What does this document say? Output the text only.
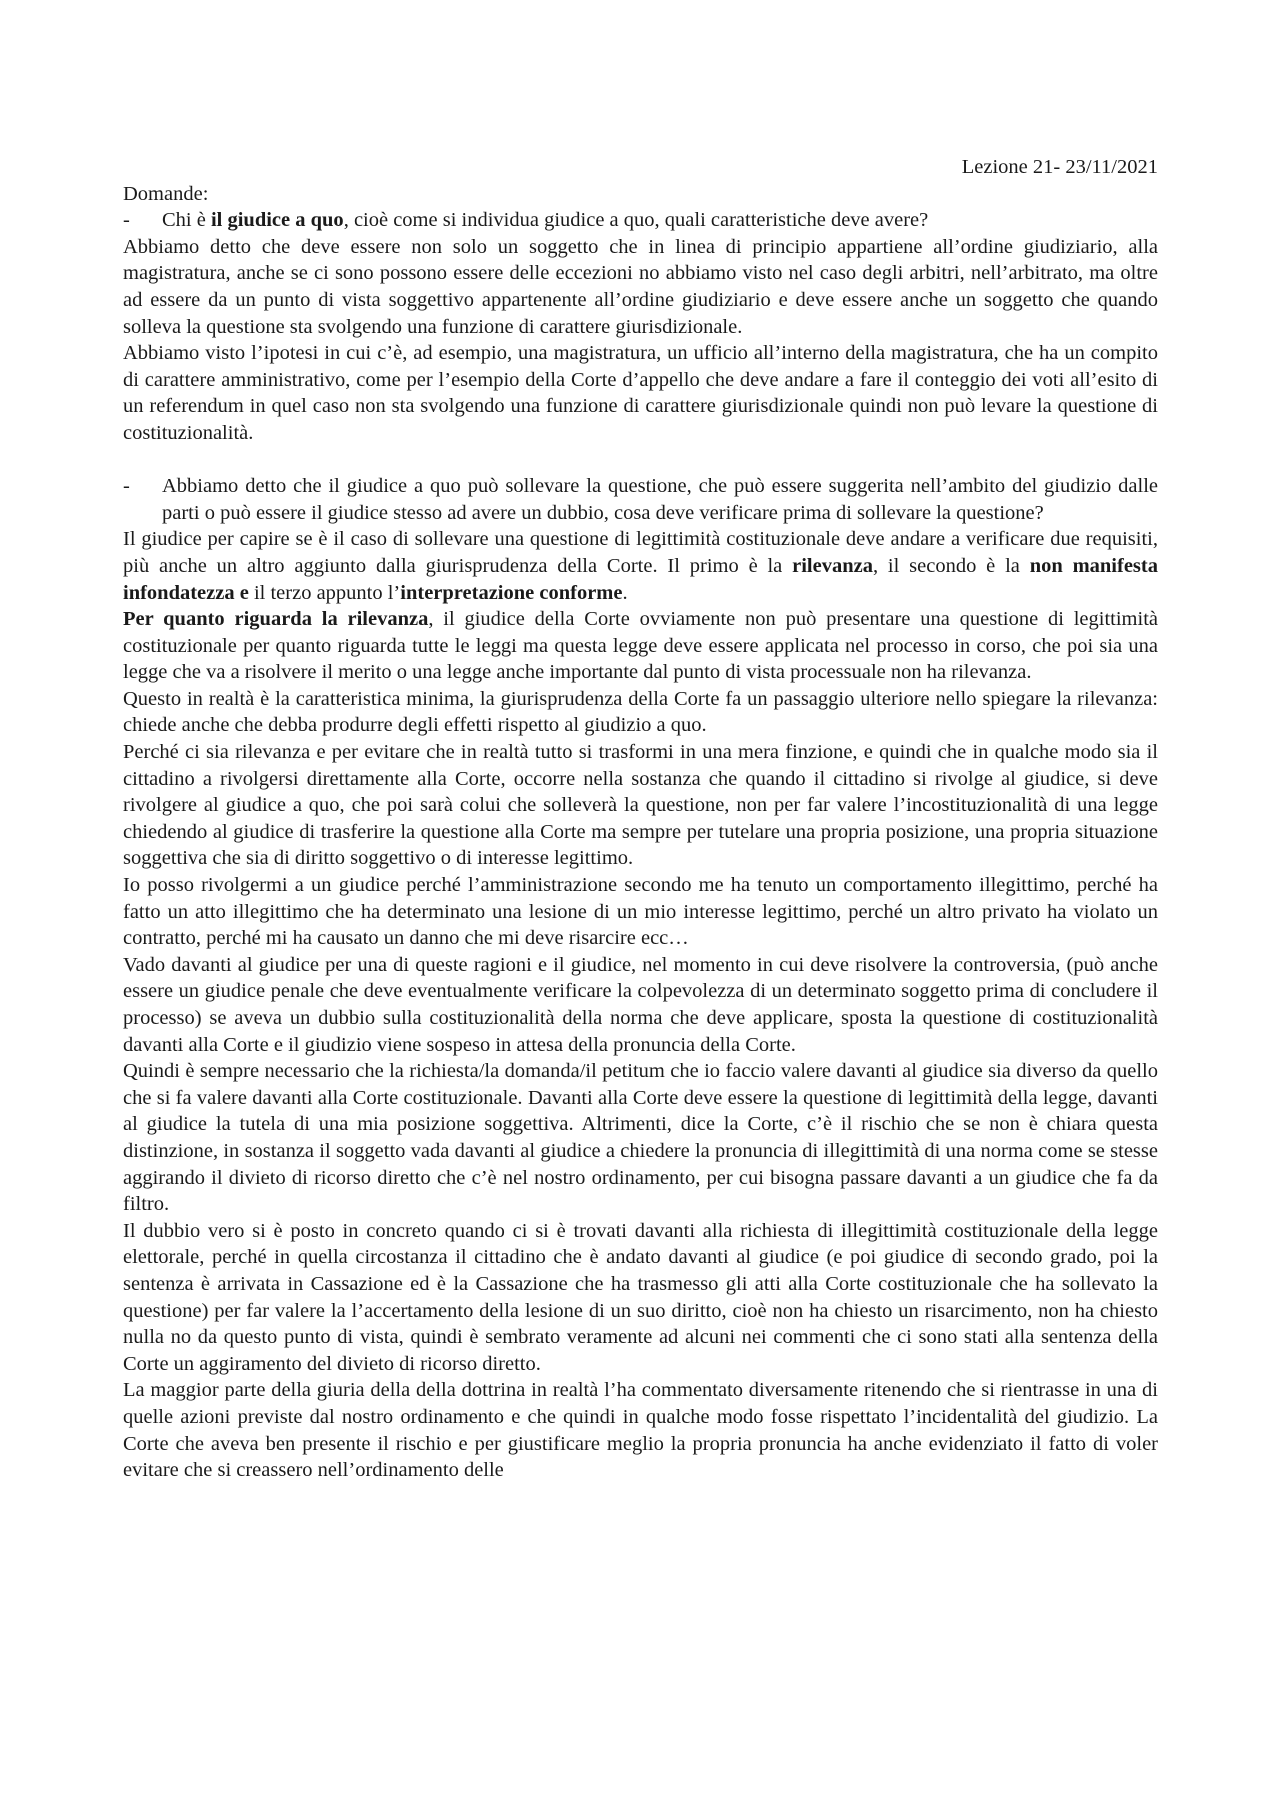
Lezione 21- 23/11/2021

Domande:

-	Chi è il giudice a quo, cioè come si individua giudice a quo, quali caratteristiche deve avere?

Abbiamo detto che deve essere non solo un soggetto che in linea di principio appartiene all’ordine giudiziario, alla magistratura, anche se ci sono possono essere delle eccezioni no abbiamo visto nel caso degli arbitri, nell’arbitrato, ma oltre ad essere da un punto di vista soggettivo appartenente all’ordine giudiziario e deve essere anche un soggetto che quando solleva la questione sta svolgendo una funzione di carattere giurisdizionale.

Abbiamo visto l’ipotesi in cui c’è, ad esempio, una magistratura, un ufficio all’interno della magistratura, che ha un compito di carattere amministrativo, come per l’esempio della Corte d’appello che deve andare a fare il conteggio dei voti all’esito di un referendum in quel caso non sta svolgendo una funzione di carattere giurisdizionale quindi non può levare la questione di costituzionalità.

-	Abbiamo detto che il giudice a quo può sollevare la questione, che può essere suggerita nell’ambito del giudizio dalle parti o può essere il giudice stesso ad avere un dubbio, cosa deve verificare prima di sollevare la questione?

Il giudice per capire se è il caso di sollevare una questione di legittimità costituzionale deve andare a verificare due requisiti, più anche un altro aggiunto dalla giurisprudenza della Corte. Il primo è la rilevanza, il secondo è la non manifesta infondatezza e il terzo appunto l’interpretazione conforme.

Per quanto riguarda la rilevanza, il giudice della Corte ovviamente non può presentare una questione di legittimità costituzionale per quanto riguarda tutte le leggi ma questa legge deve essere applicata nel processo in corso, che poi sia una legge che va a risolvere il merito o una legge anche importante dal punto di vista processuale non ha rilevanza.

Questo in realtà è la caratteristica minima, la giurisprudenza della Corte fa un passaggio ulteriore nello spiegare la rilevanza: chiede anche che debba produrre degli effetti rispetto al giudizio a quo.

Perché ci sia rilevanza e per evitare che in realtà tutto si trasformi in una mera finzione, e quindi che in qualche modo sia il cittadino a rivolgersi direttamente alla Corte, occorre nella sostanza che quando il cittadino si rivolge al giudice, si deve rivolgere al giudice a quo, che poi sarà colui che solleverà la questione, non per far valere l’incostituzionalità di una legge chiedendo al giudice di trasferire la questione alla Corte ma sempre per tutelare una propria posizione, una propria situazione soggettiva che sia di diritto soggettivo o di interesse legittimo.

Io posso rivolgermi a un giudice perché l’amministrazione secondo me ha tenuto un comportamento illegittimo, perché ha fatto un atto illegittimo che ha determinato una lesione di un mio interesse legittimo, perché un altro privato ha violato un contratto, perché mi ha causato un danno che mi deve risarcire ecc…

Vado davanti al giudice per una di queste ragioni e il giudice, nel momento in cui deve risolvere la controversia, (può anche essere un giudice penale che deve eventualmente verificare la colpevolezza di un determinato soggetto prima di concludere il processo) se aveva un dubbio sulla costituzionalità della norma che deve applicare, sposta la questione di costituzionalità davanti alla Corte e il giudizio viene sospeso in attesa della pronuncia della Corte.

Quindi è sempre necessario che la richiesta/la domanda/il petitum che io faccio valere davanti al giudice sia diverso da quello che si fa valere davanti alla Corte costituzionale. Davanti alla Corte deve essere la questione di legittimità della legge, davanti al giudice la tutela di una mia posizione soggettiva. Altrimenti, dice la Corte, c’è il rischio che se non è chiara questa distinzione, in sostanza il soggetto vada davanti al giudice a chiedere la pronuncia di illegittimità di una norma come se stesse aggirando il divieto di ricorso diretto che c’è nel nostro ordinamento, per cui bisogna passare davanti a un giudice che fa da filtro.

Il dubbio vero si è posto in concreto quando ci si è trovati davanti alla richiesta di illegittimità costituzionale della legge elettorale, perché in quella circostanza il cittadino che è andato davanti al giudice (e poi giudice di secondo grado, poi la sentenza è arrivata in Cassazione ed è la Cassazione che ha trasmesso gli atti alla Corte costituzionale che ha sollevato la questione) per far valere la l’accertamento della lesione di un suo diritto, cioè non ha chiesto un risarcimento, non ha chiesto nulla no da questo punto di vista, quindi è sembrato veramente ad alcuni nei commenti che ci sono stati alla sentenza della Corte un aggiramento del divieto di ricorso diretto.

La maggior parte della giuria della della dottrina in realtà l’ha commentato diversamente ritenendo che si rientrasse in una di quelle azioni previste dal nostro ordinamento e che quindi in qualche modo fosse rispettato l’incidentalità del giudizio. La Corte che aveva ben presente il rischio e per giustificare meglio la propria pronuncia ha anche evidenziato il fatto di voler evitare che si creassero nell’ordinamento delle
